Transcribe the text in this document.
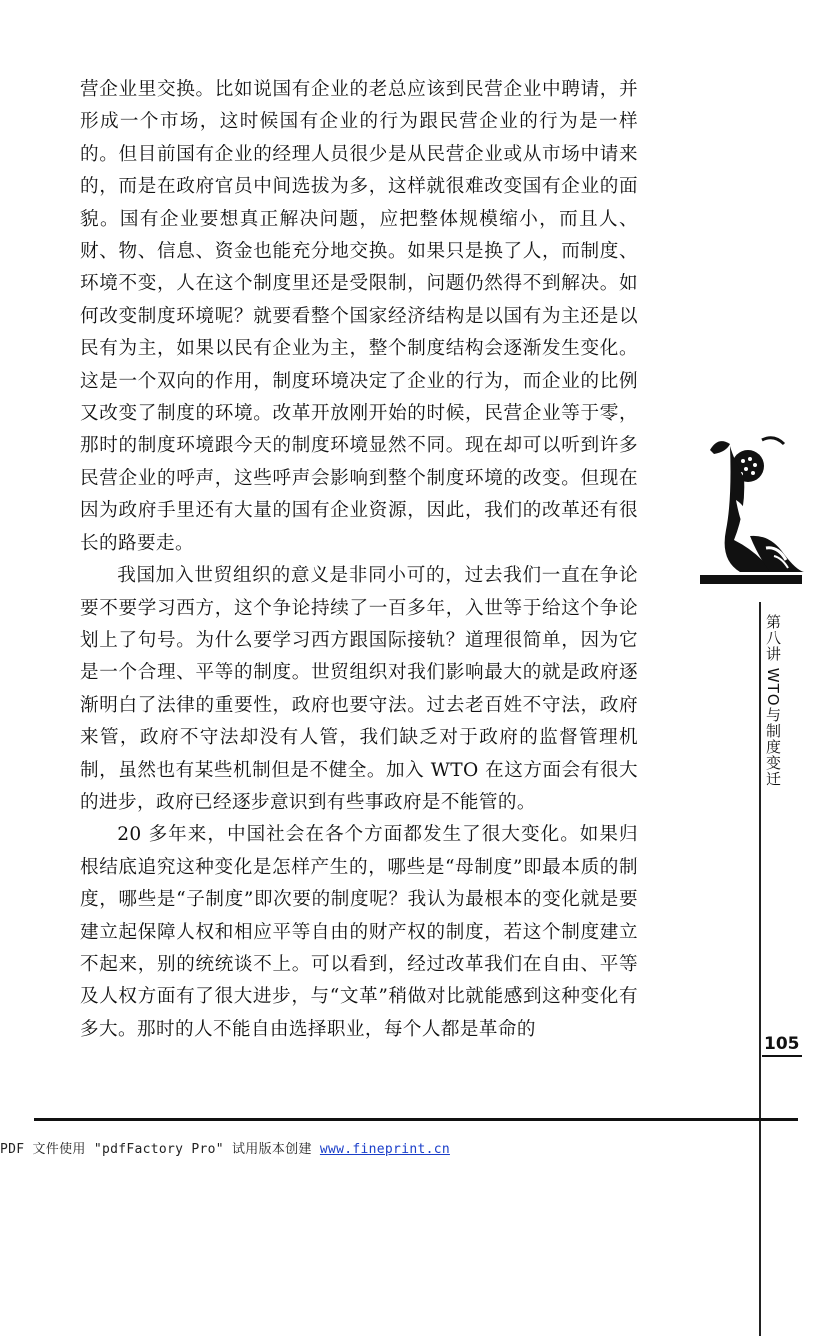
营企业里交换。比如说国有企业的老总应该到民营企业中聘请，并形成一个市场，这时候国有企业的行为跟民营企业的行为是一样的。但目前国有企业的经理人员很少是从民营企业或从市场中请来的，而是在政府官员中间选拔为多，这样就很难改变国有企业的面貌。国有企业要想真正解决问题，应把整体规模缩小，而且人、财、物、信息、资金也能充分地交换。如果只是换了人，而制度、环境不变，人在这个制度里还是受限制，问题仍然得不到解决。如何改变制度环境呢？就要看整个国家经济结构是以国有为主还是以民有为主，如果以民有企业为主，整个制度结构会逐渐发生变化。这是一个双向的作用，制度环境决定了企业的行为，而企业的比例又改变了制度的环境。改革开放刚开始的时候，民营企业等于零，那时的制度环境跟今天的制度环境显然不同。现在却可以听到许多民营企业的呼声，这些呼声会影响到整个制度环境的改变。但现在因为政府手里还有大量的国有企业资源，因此，我们的改革还有很长的路要走。

我国加入世贸组织的意义是非同小可的，过去我们一直在争论要不要学习西方，这个争论持续了一百多年，入世等于给这个争论划上了句号。为什么要学习西方跟国际接轨？道理很简单，因为它是一个合理、平等的制度。世贸组织对我们影响最大的就是政府逐渐明白了法律的重要性，政府也要守法。过去老百姓不守法，政府来管，政府不守法却没有人管，我们缺乏对于政府的监督管理机制，虽然也有某些机制但是不健全。加入 WTO 在这方面会有很大的进步，政府已经逐步意识到有些事政府是不能管的。

20 多年来，中国社会在各个方面都发生了很大变化。如果归根结底追究这种变化是怎样产生的，哪些是“母制度”即最本质的制度，哪些是“子制度”即次要的制度呢？我认为最根本的变化就是要建立起保障人权和相应平等自由的财产权的制度，若这个制度建立不起来，别的统统谈不上。可以看到，经过改革我们在自由、平等及人权方面有了很大进步，与“文革”稍做对比就能感到这种变化有多大。那时的人不能自由选择职业，每个人都是革命的

第八讲 WTO与制度变迁
105
PDF 文件使用 "pdfFactory Pro" 试用版本创建 www.fineprint.cn
